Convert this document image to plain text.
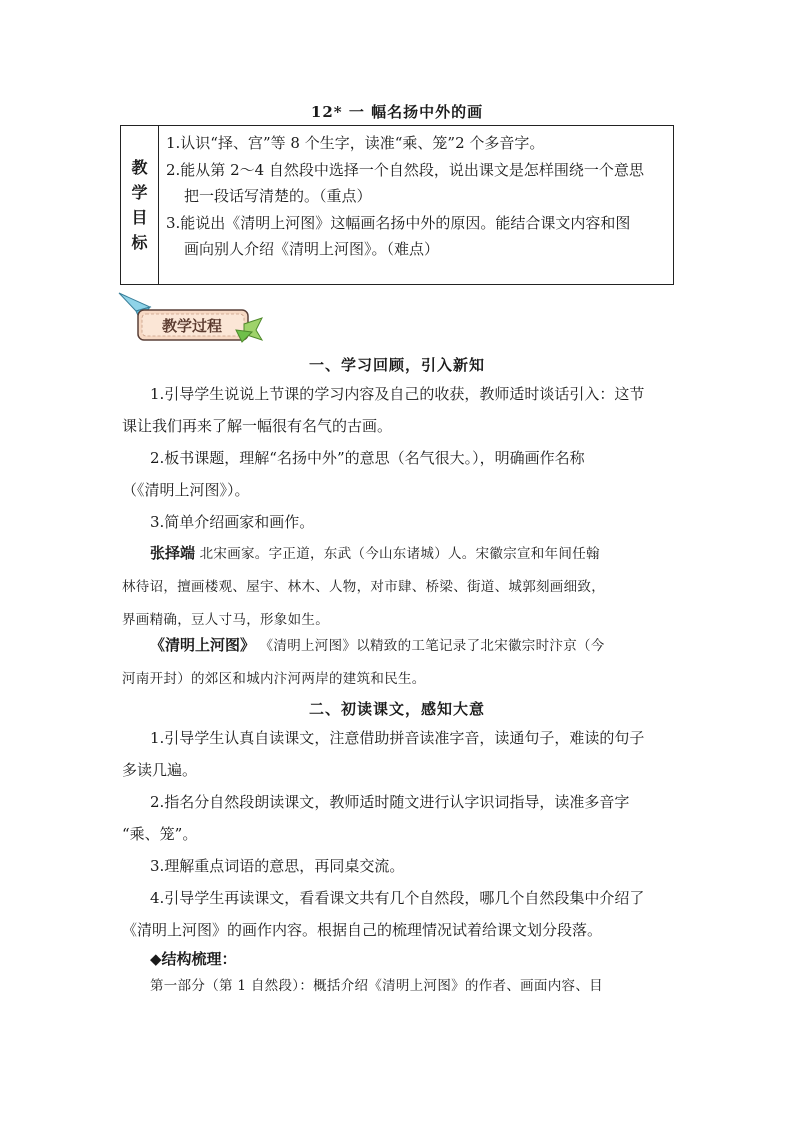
12* 一 幅名扬中外的画
教
学
目
标
1.认识“择、宫”等 8 个生字，读准“乘、笼”2 个多音字。
2.能从第 2～4 自然段中选择一个自然段，说出课文是怎样围绕一个意思
把一段话写清楚的。（重点）
3.能说出《清明上河图》这幅画名扬中外的原因。能结合课文内容和图
画向别人介绍《清明上河图》。（难点）
教学过程
一、学习回顾，引入新知
1.引导学生说说上节课的学习内容及自己的收获，教师适时谈话引入：这节
课让我们再来了解一幅很有名气的古画。
2.板书课题，理解“名扬中外”的意思（名气很大。），明确画作名称
（《清明上河图》）。
3.简单介绍画家和画作。
张择端 北宋画家。字正道，东武（今山东诸城）人。宋徽宗宣和年间任翰
林待诏，擅画楼观、屋宇、林木、人物，对市肆、桥梁、街道、城郭刻画细致，
界画精确，豆人寸马，形象如生。
《清明上河图》 《清明上河图》以精致的工笔记录了北宋徽宗时汴京（今
河南开封）的郊区和城内汴河两岸的建筑和民生。
二、初读课文，感知大意
1.引导学生认真自读课文，注意借助拼音读准字音，读通句子，难读的句子
多读几遍。
2.指名分自然段朗读课文，教师适时随文进行认字识词指导，读准多音字
“乘、笼”。
3.理解重点词语的意思，再同桌交流。
4.引导学生再读课文，看看课文共有几个自然段，哪几个自然段集中介绍了
《清明上河图》的画作内容。根据自己的梳理情况试着给课文划分段落。
◆结构梳理：
第一部分（第 1 自然段）：概括介绍《清明上河图》的作者、画面内容、目
